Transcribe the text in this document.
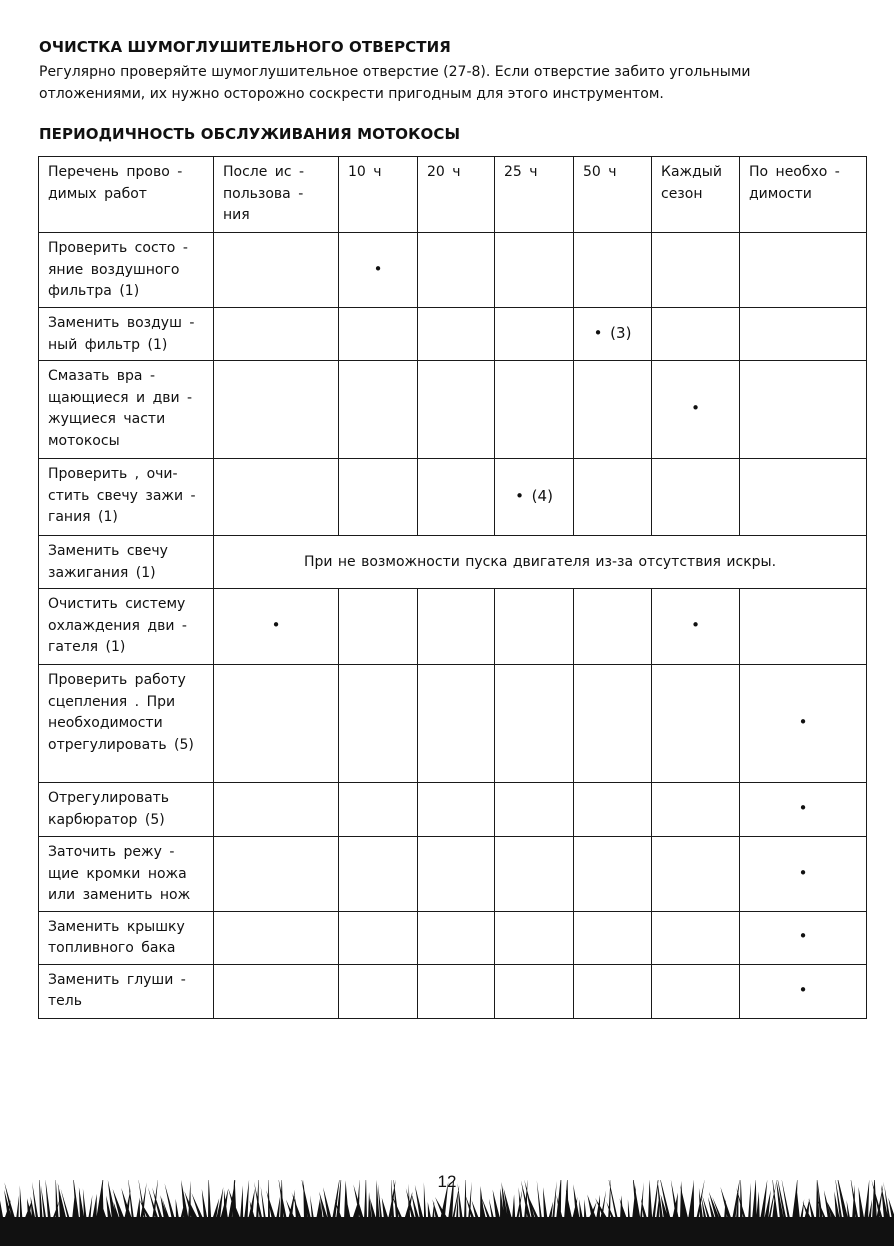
ОЧИСТКА ШУМОГЛУШИТЕЛЬНОГО ОТВЕРСТИЯ

Регулярно проверяйте шумоглушительное отверстие (27-8). Если отверстие забито угольными отложениями, их нужно осторожно соскрести пригодным для этого инструментом.

ПЕРИОДИЧНОСТЬ ОБСЛУЖИВАНИЯ МОТОКОСЫ
Перечень прово - димых работ	После ис - пользова - ния	10 ч	20 ч	25 ч	50 ч	Каждый сезон	По необхо - димости
Проверить состо - яние воздушного фильтра (1)		•					
Заменить воздуш - ный фильтр (1)					• (3)		
Смазать вра - щающиеся и дви - жущиеся части мотокосы						•	
Проверить , очи- стить свечу зажи - гания (1)				• (4)			
Заменить свечу зажигания (1)	При не возможности пуска двигателя из-за отсутствия искры.						
Очистить систему охлаждения дви - гателя (1)	•					•	
Проверить работу сцепления . При необходимости отрегулировать (5)							•
Отрегулировать карбюратор (5)							•
Заточить режу - щие кромки ножа или заменить нож							•
Заменить крышку топливного бака							•
Заменить глуши - тель							•
12
